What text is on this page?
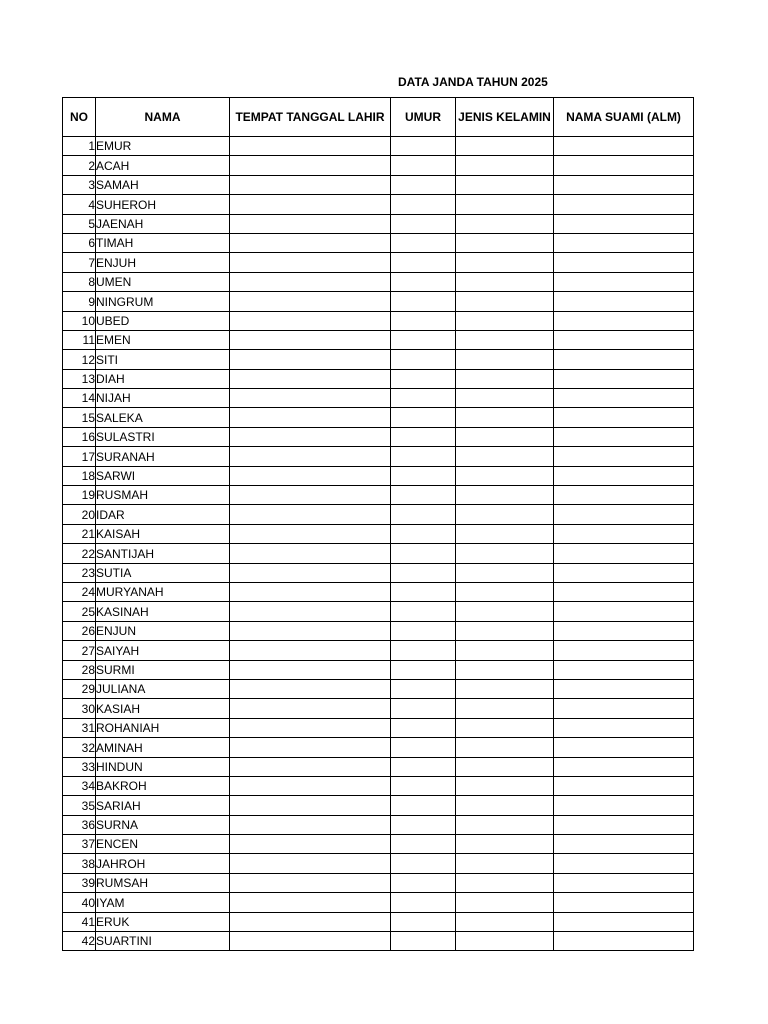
DATA JANDA TAHUN 2025
NO	NAMA	TEMPAT TANGGAL LAHIR	UMUR	JENIS KELAMIN	NAMA SUAMI (ALM)
1	EMUR				
2	ACAH				
3	SAMAH				
4	SUHEROH				
5	JAENAH				
6	TIMAH				
7	ENJUH				
8	UMEN				
9	NINGRUM				
10	UBED				
11	EMEN				
12	SITI				
13	DIAH				
14	NIJAH				
15	SALEKA				
16	SULASTRI				
17	SURANAH				
18	SARWI				
19	RUSMAH				
20	IDAR				
21	KAISAH				
22	SANTIJAH				
23	SUTIA				
24	MURYANAH				
25	KASINAH				
26	ENJUN				
27	SAIYAH				
28	SURMI				
29	JULIANA				
30	KASIAH				
31	ROHANIAH				
32	AMINAH				
33	HINDUN				
34	BAKROH				
35	SARIAH				
36	SURNA				
37	ENCEN				
38	JAHROH				
39	RUMSAH				
40	IYAM				
41	ERUK				
42	SUARTINI				
